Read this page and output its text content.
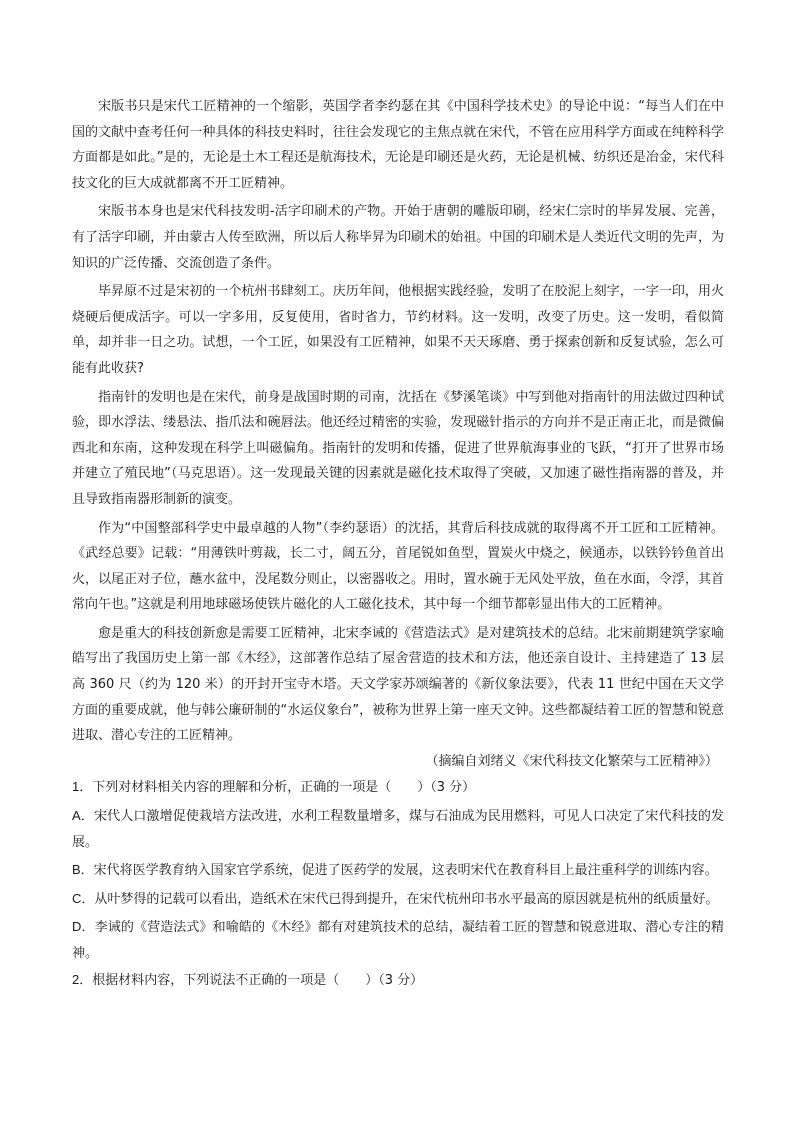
宋版书只是宋代工匠精神的一个缩影，英国学者李约瑟在其《中国科学技术史》的导论中说：“每当人们在中国的文献中查考任何一种具体的科技史料时，往往会发现它的主焦点就在宋代，不管在应用科学方面或在纯粹科学方面都是如此。”是的，无论是土木工程还是航海技术，无论是印刷还是火药，无论是机械、纺织还是冶金，宋代科技文化的巨大成就都离不开工匠精神。

宋版书本身也是宋代科技发明-活字印刷术的产物。开始于唐朝的雕版印刷，经宋仁宗时的毕昇发展、完善，有了活字印刷，并由蒙古人传至欧洲，所以后人称毕昇为印刷术的始祖。中国的印刷术是人类近代文明的先声，为知识的广泛传播、交流创造了条件。

毕昇原不过是宋初的一个杭州书肆刻工。庆历年间，他根据实践经验，发明了在胶泥上刻字，一字一印，用火烧硬后便成活字。可以一字多用，反复使用，省时省力，节约材料。这一发明，改变了历史。这一发明，看似简单，却并非一日之功。试想，一个工匠，如果没有工匠精神，如果不天天琢磨、勇于探索创新和反复试验，怎么可能有此收获?

指南针的发明也是在宋代，前身是战国时期的司南，沈括在《梦溪笔谈》中写到他对指南针的用法做过四种试验，即水浮法、缕悬法、指爪法和碗唇法。他还经过精密的实验，发现磁针指示的方向并不是正南正北，而是微偏西北和东南，这种发现在科学上叫磁偏角。指南针的发明和传播，促进了世界航海事业的飞跃，“打开了世界市场并建立了殖民地”（马克思语）。这一发现最关键的因素就是磁化技术取得了突破，又加速了磁性指南器的普及，并且导致指南器形制新的演变。

作为“中国整部科学史中最卓越的人物”（李约瑟语）的沈括，其背后科技成就的取得离不开工匠和工匠精神。《武经总要》记载：“用薄铁叶剪裁，长二寸，阔五分，首尾锐如鱼型，置炭火中烧之，候通赤，以铁钤钤鱼首出火，以尾正对子位，蘸水盆中，没尾数分则止，以密器收之。用时，置水碗于无风处平放，鱼在水面，令浮，其首常向午也。”这就是利用地球磁场使铁片磁化的人工磁化技术，其中每一个细节都彰显出伟大的工匠精神。

愈是重大的科技创新愈是需要工匠精神，北宋李诫的《营造法式》是对建筑技术的总结。北宋前期建筑学家喻皓写出了我国历史上第一部《木经》，这部著作总结了屋舍营造的技术和方法，他还亲自设计、主持建造了 13 层高 360 尺（约为 120 米）的开封开宝寺木塔。天文学家苏颂编著的《新仪象法要》，代表 11 世纪中国在天文学方面的重要成就，他与韩公廉研制的“水运仪象台”，被称为世界上第一座天文钟。这些都凝结着工匠的智慧和锐意进取、潜心专注的工匠精神。

（摘编自刘绪义《宋代科技文化繁荣与工匠精神》）

1．下列对材料相关内容的理解和分析，正确的一项是（　　）（3 分）

A．宋代人口激增促使栽培方法改进，水利工程数量增多，煤与石油成为民用燃料，可见人口决定了宋代科技的发展。

B．宋代将医学教育纳入国家官学系统，促进了医药学的发展，这表明宋代在教育科目上最注重科学的训练内容。

C．从叶梦得的记载可以看出，造纸术在宋代已得到提升，在宋代杭州印书水平最高的原因就是杭州的纸质量好。

D．李诫的《营造法式》和喻皓的《木经》都有对建筑技术的总结，凝结着工匠的智慧和锐意进取、潜心专注的精神。

2．根据材料内容，下列说法不正确的一项是（　　）（3 分）
